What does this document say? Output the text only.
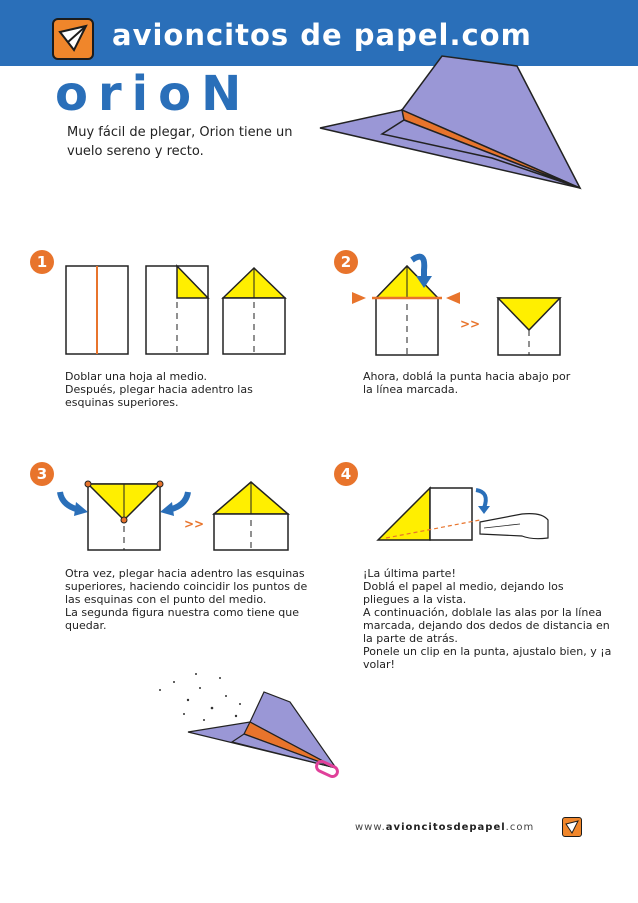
avioncitos de papel.com
orioN
Muy fácil de plegar, Orion tiene un vuelo sereno y recto.
1

Doblar una hoja al medio.

Después, plegar hacia adentro las esquinas superiores.

2
>>

Ahora, doblá la punta hacia abajo por la línea marcada.

3
>>

Otra vez, plegar hacia adentro las esquinas superiores, haciendo coincidir los puntos de las esquinas con el punto del medio.

La segunda figura nuestra como tiene que quedar.

4

¡La última parte!

Doblá el papel al medio, dejando los pliegues a la vista.

A continuación, doblale las alas por la línea marcada, dejando dos dedos de distancia en la parte de atrás.

Ponele un clip en la punta, ajustalo bien, y ¡a volar!

www.avioncitosdepapel.com
